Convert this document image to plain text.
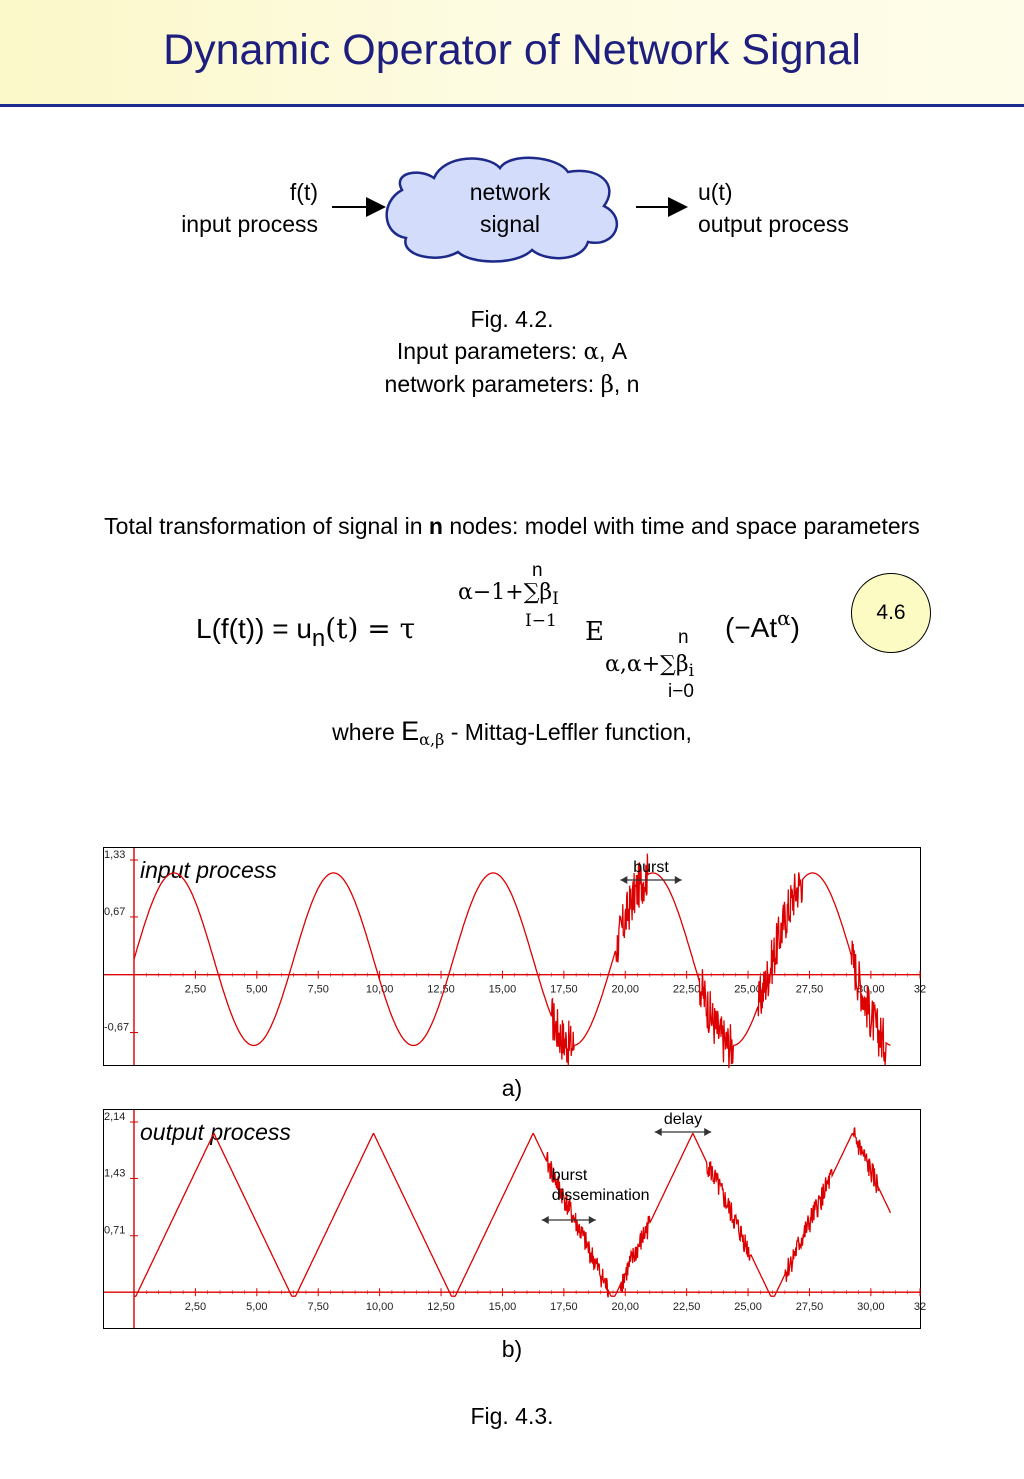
Dynamic Operator of Network Signal
f(t)
input process
network
signal
u(t)
output process
Fig. 4.2.
Input parameters: α, A
network parameters: β, n
Total transformation of signal in n nodes: model with time and space parameters
L(f(t)) = un(t) = τ
n
$\alpha-1+\sum\beta_I$
I−1 E	n
$\alpha,\alpha+\sum\beta_i$
i−0
$(-At^\alpha)$	4.6
where $E_{\alpha,\beta}$ - Mittag-Leffler function,
2,50	5,00	7,50	10,00	12,50	15,00	17,50	20,00	22,50	25,00	27,50	30,00	32
1,33
0,67
-0,67
input process	burst
a)
2,50	5,00	7,50	10,00	12,50	15,00	17,50	20,00	22,50	25,00	27,50	30,00	32
2,14
1,43
0,71
output process	delay
burst
dissemination
b)
Fig. 4.3.
